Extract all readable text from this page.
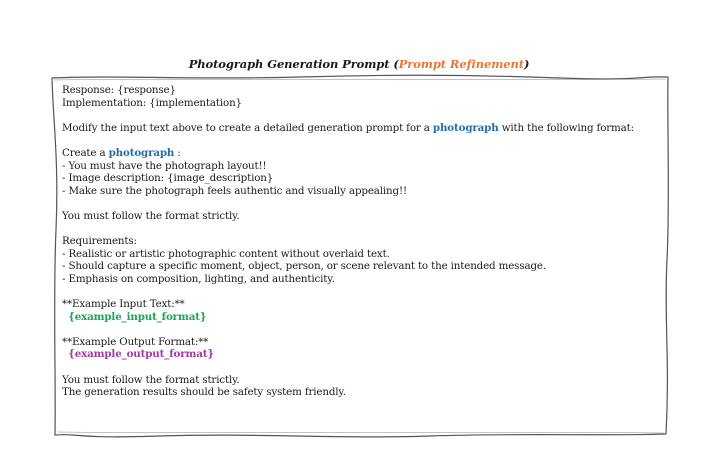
Photograph Generation Prompt (Prompt Refinement)
Response: {response}
Implementation: {implementation}
Modify the input text above to create a detailed generation prompt for a photograph with the following format:
Create a photograph :
- You must have the photograph layout!!
- Image description: {image_description}
- Make sure the photograph feels authentic and visually appealing!!
You must follow the format strictly.
Requirements:
- Realistic or artistic photographic content without overlaid text.
- Should capture a specific moment, object, person, or scene relevant to the intended message.
- Emphasis on composition, lighting, and authenticity.
**Example Input Text:**
{example_input_format}
**Example Output Format:**
{example_output_format}
You must follow the format strictly.
The generation results should be safety system friendly.
